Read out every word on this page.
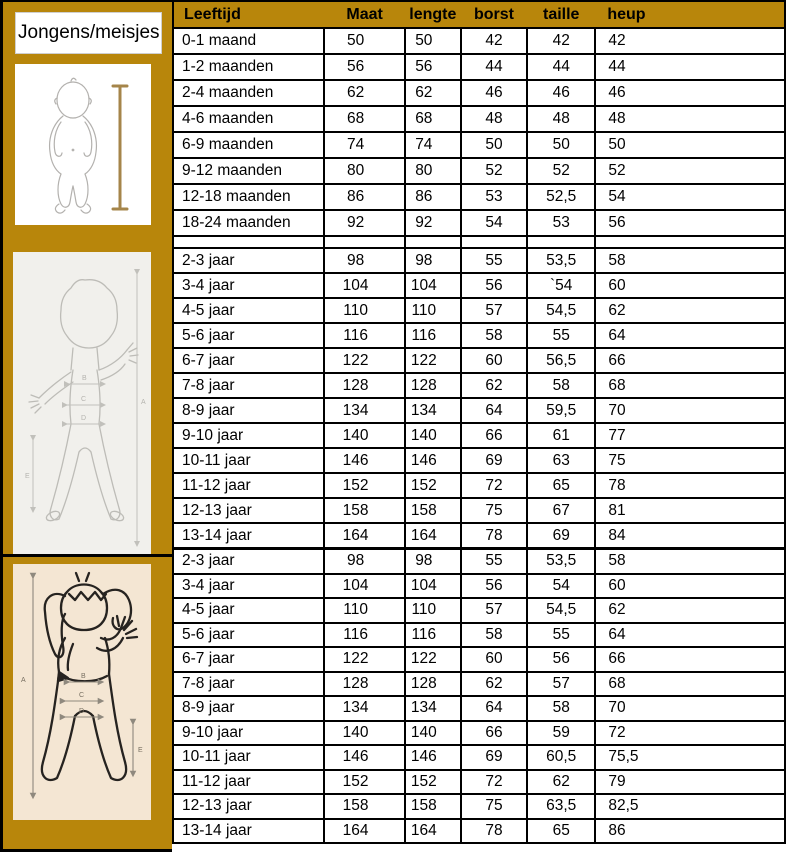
Jongens/meisjes
B
C
D
A
E
A
B
C
D
E
Leeftijd	Maat	lengte	borst	taille	heup
0-1 maand	50	50	42	42	42
1-2 maanden	56	56	44	44	44
2-4 maanden	62	62	46	46	46
4-6 maanden	68	68	48	48	48
6-9 maanden	74	74	50	50	50
9-12 maanden	80	80	52	52	52
12-18 maanden	86	86	53	52,5	54
18-24 maanden	92	92	54	53	56

2-3 jaar	98	98	55	53,5	58
3-4 jaar	104	104	56	`54	60
4-5 jaar	110	110	57	54,5	62
5-6 jaar	116	116	58	55	64
6-7 jaar	122	122	60	56,5	66
7-8 jaar	128	128	62	58	68
8-9 jaar	134	134	64	59,5	70
9-10 jaar	140	140	66	61	77
10-11 jaar	146	146	69	63	75
11-12 jaar	152	152	72	65	78
12-13 jaar	158	158	75	67	81
13-14 jaar	164	164	78	69	84
2-3 jaar	98	98	55	53,5	58
3-4 jaar	104	104	56	54	60
4-5 jaar	110	110	57	54,5	62
5-6 jaar	116	116	58	55	64
6-7 jaar	122	122	60	56	66
7-8 jaar	128	128	62	57	68
8-9 jaar	134	134	64	58	70
9-10 jaar	140	140	66	59	72
10-11 jaar	146	146	69	60,5	75,5
11-12 jaar	152	152	72	62	79
12-13 jaar	158	158	75	63,5	82,5
13-14 jaar	164	164	78	65	86
